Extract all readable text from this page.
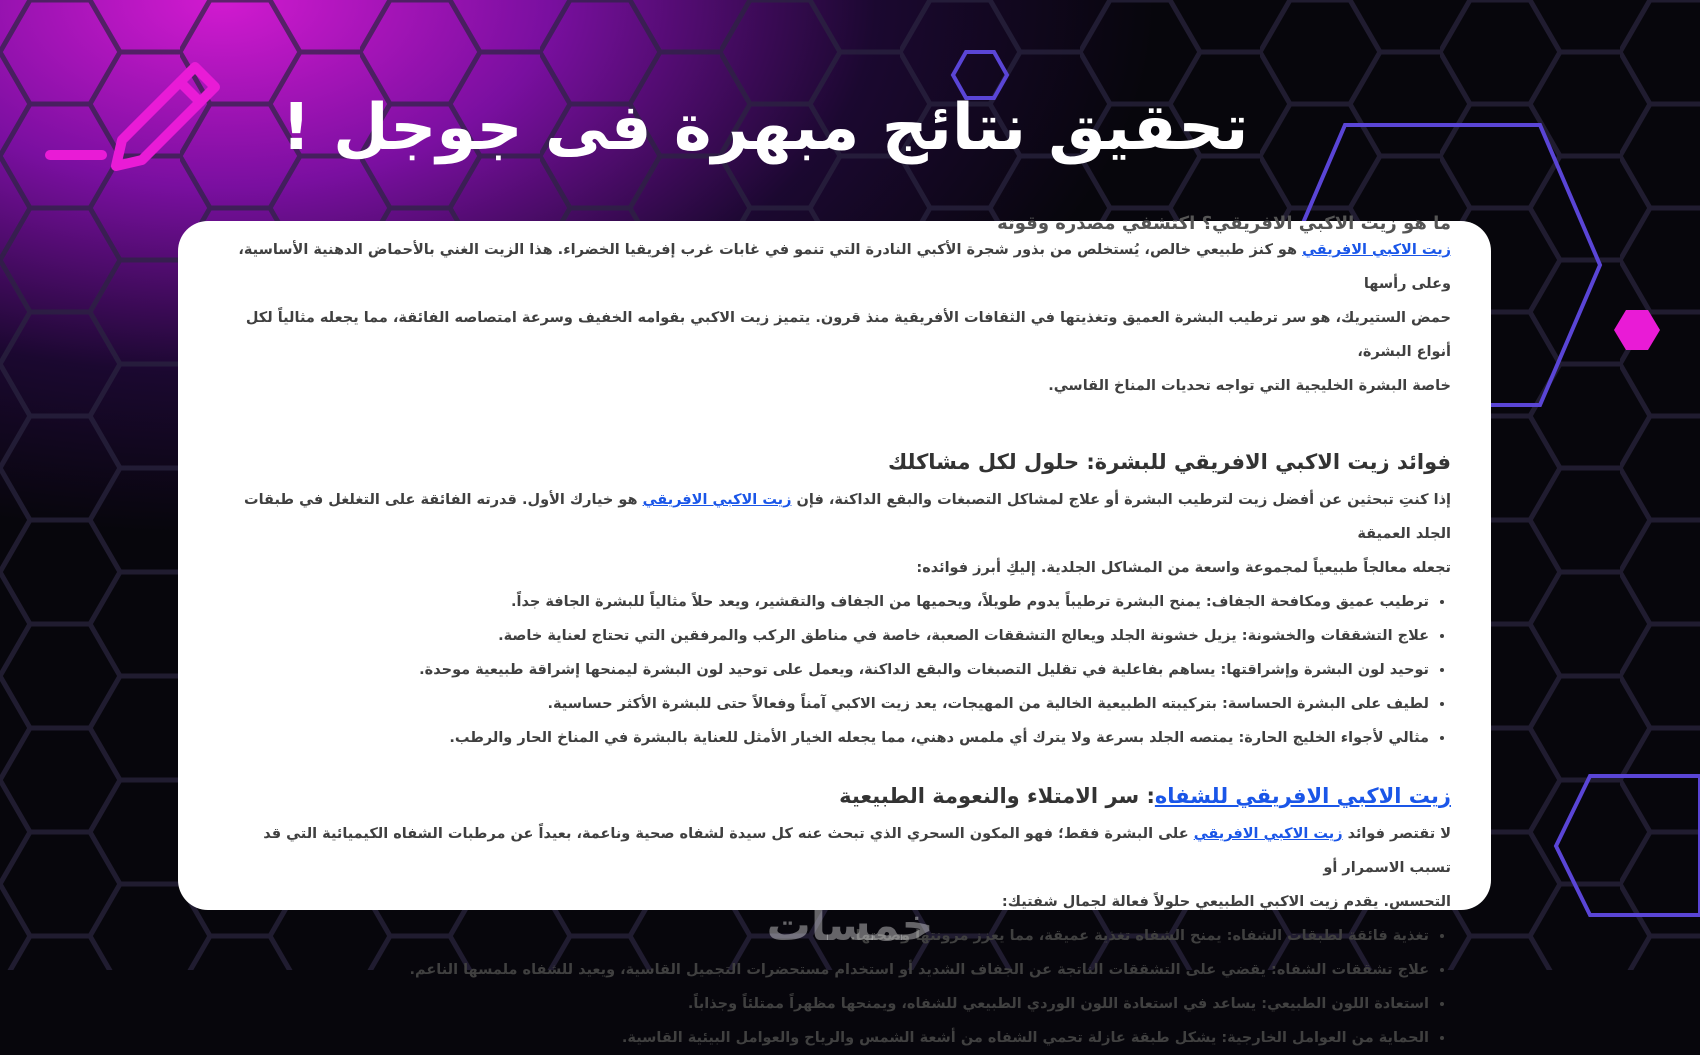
تحقيق نتائج مبهرة فى جوجل !

ما هو زيت الاكبي الافريقي؟ اكتشفي مصدره وقوته

زيت الاكبي الافريقي هو كنز طبيعي خالص، يُستخلص من بذور شجرة الأكبي النادرة التي تنمو في غابات غرب إفريقيا الخضراء. هذا الزيت الغني بالأحماض الدهنية الأساسية، وعلى رأسها
حمض الستيريك، هو سر ترطيب البشرة العميق وتغذيتها في الثقافات الأفريقية منذ قرون. يتميز زيت الاكبي بقوامه الخفيف وسرعة امتصاصه الفائقة، مما يجعله مثالياً لكل أنواع البشرة،
خاصة البشرة الخليجية التي تواجه تحديات المناخ القاسي.

فوائد زيت الاكبي الافريقي للبشرة: حلول لكل مشاكلك

إذا كنتِ تبحثين عن أفضل زيت لترطيب البشرة أو علاج لمشاكل التصبغات والبقع الداكنة، فإن زيت الاكبي الافريقي هو خيارك الأول. قدرته الفائقة على التغلغل في طبقات الجلد العميقة
تجعله معالجاً طبيعياً لمجموعة واسعة من المشاكل الجلدية. إليكِ أبرز فوائده:

• ترطيب عميق ومكافحة الجفاف: يمنح البشرة ترطيباً يدوم طويلاً، ويحميها من الجفاف والتقشير، ويعد حلاً مثالياً للبشرة الجافة جداً.
• علاج التشققات والخشونة: يزيل خشونة الجلد ويعالج التشققات الصعبة، خاصة في مناطق الركب والمرفقين التي تحتاج لعناية خاصة.
• توحيد لون البشرة وإشراقتها: يساهم بفاعلية في تقليل التصبغات والبقع الداكنة، ويعمل على توحيد لون البشرة ليمنحها إشراقة طبيعية موحدة.
• لطيف على البشرة الحساسة: بتركيبته الطبيعية الخالية من المهيجات، يعد زيت الاكبي آمناً وفعالاً حتى للبشرة الأكثر حساسية.
• مثالي لأجواء الخليج الحارة: يمتصه الجلد بسرعة ولا يترك أي ملمس دهني، مما يجعله الخيار الأمثل للعناية بالبشرة في المناخ الحار والرطب.
زيت الاكبي الافريقي للشفاه: سر الامتلاء والنعومة الطبيعية

لا تقتصر فوائد زيت الاكبي الافريقي على البشرة فقط؛ فهو المكون السحري الذي تبحث عنه كل سيدة لشفاه صحية وناعمة، بعيداً عن مرطبات الشفاه الكيميائية التي قد تسبب الاسمرار أو
التحسس. يقدم زيت الاكبي الطبيعي حلولاً فعالة لجمال شفتيك:

• تغذية فائقة لطبقات الشفاه: يمنح الشفاه تغذية عميقة، مما يعزز مرونتها وصحتها.
• علاج تشققات الشفاه: يقضي على التشققات الناتجة عن الجفاف الشديد أو استخدام مستحضرات التجميل القاسية، ويعيد للشفاه ملمسها الناعم.
• استعادة اللون الطبيعي: يساعد في استعادة اللون الوردي الطبيعي للشفاه، ويمنحها مظهراً ممتلئاً وجذاباً.
• الحماية من العوامل الخارجية: يشكل طبقة عازلة تحمي الشفاه من أشعة الشمس والرياح والعوامل البيئية القاسية.
خمسات
